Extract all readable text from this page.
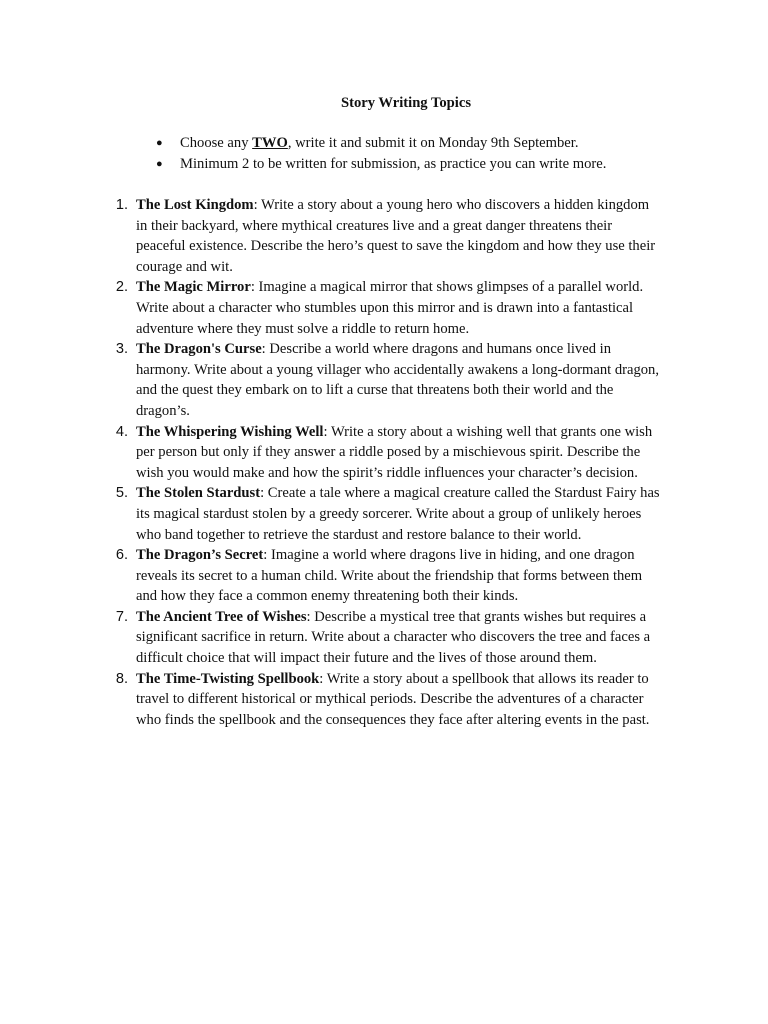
Story Writing Topics
● Choose any TWO, write it and submit it on Monday 9th September.
● Minimum 2 to be written for submission, as practice you can write more.
1. The Lost Kingdom: Write a story about a young hero who discovers a hidden kingdom
in their backyard, where mythical creatures live and a great danger threatens their
peaceful existence. Describe the hero’s quest to save the kingdom and how they use their
courage and wit.
2. The Magic Mirror: Imagine a magical mirror that shows glimpses of a parallel world.
Write about a character who stumbles upon this mirror and is drawn into a fantastical
adventure where they must solve a riddle to return home.
3. The Dragon's Curse: Describe a world where dragons and humans once lived in
harmony. Write about a young villager who accidentally awakens a long-dormant dragon,
and the quest they embark on to lift a curse that threatens both their world and the
dragon’s.
4. The Whispering Wishing Well: Write a story about a wishing well that grants one wish
per person but only if they answer a riddle posed by a mischievous spirit. Describe the
wish you would make and how the spirit’s riddle influences your character’s decision.
5. The Stolen Stardust: Create a tale where a magical creature called the Stardust Fairy has
its magical stardust stolen by a greedy sorcerer. Write about a group of unlikely heroes
who band together to retrieve the stardust and restore balance to their world.
6. The Dragon’s Secret: Imagine a world where dragons live in hiding, and one dragon
reveals its secret to a human child. Write about the friendship that forms between them
and how they face a common enemy threatening both their kinds.
7. The Ancient Tree of Wishes: Describe a mystical tree that grants wishes but requires a
significant sacrifice in return. Write about a character who discovers the tree and faces a
difficult choice that will impact their future and the lives of those around them.
8. The Time-Twisting Spellbook: Write a story about a spellbook that allows its reader to
travel to different historical or mythical periods. Describe the adventures of a character
who finds the spellbook and the consequences they face after altering events in the past.
